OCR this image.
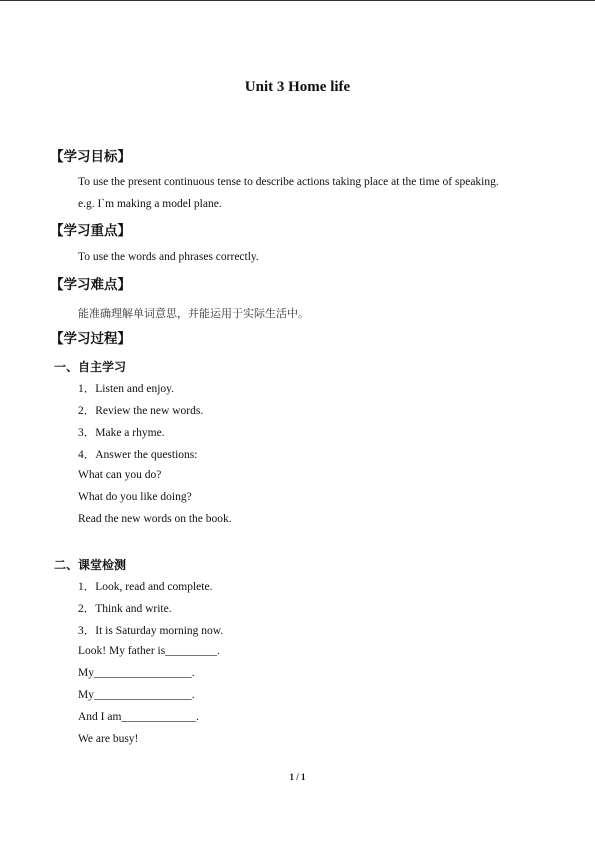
Unit 3 Home life
【学习目标】
To use the present continuous tense to describe actions taking place at the time of speaking.
e.g. I`m making a model plane.
【学习重点】
To use the words and phrases correctly.
【学习难点】
能准确理解单词意思，并能运用于实际生活中。
【学习过程】
一、自主学习
1．Listen and enjoy.
2．Review the new words.
3．Make a rhyme.
4．Answer the questions:
What can you do?
What do you like doing?
Read the new words on the book.
二、课堂检测
1．Look, read and complete.
2．Think and write.
3．It is Saturday morning now.
Look! My father is_________.
My_________________.
My_________________.
And I am_____________.
We are busy!
1 / 1
